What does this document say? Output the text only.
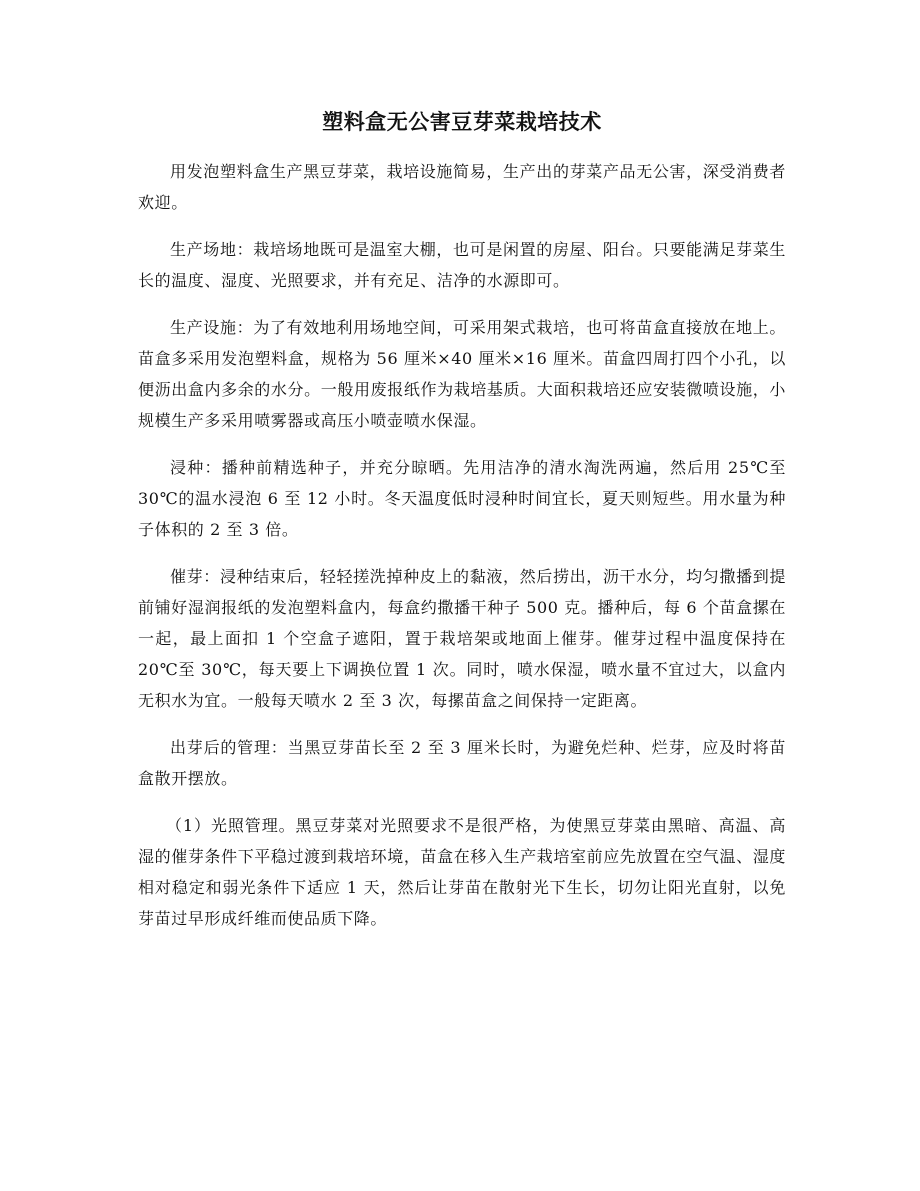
塑料盒无公害豆芽菜栽培技术

用发泡塑料盒生产黑豆芽菜，栽培设施简易，生产出的芽菜产品无公害，深受消费者欢迎。

生产场地：栽培场地既可是温室大棚，也可是闲置的房屋、阳台。只要能满足芽菜生长的温度、湿度、光照要求，并有充足、洁净的水源即可。

生产设施：为了有效地利用场地空间，可采用架式栽培，也可将苗盒直接放在地上。苗盒多采用发泡塑料盒，规格为 56 厘米×40 厘米×16 厘米。苗盒四周打四个小孔，以便沥出盒内多余的水分。一般用废报纸作为栽培基质。大面积栽培还应安装微喷设施，小规模生产多采用喷雾器或高压小喷壶喷水保湿。

浸种：播种前精选种子，并充分晾晒。先用洁净的清水淘洗两遍，然后用 25℃至 30℃的温水浸泡 6 至 12 小时。冬天温度低时浸种时间宜长，夏天则短些。用水量为种子体积的 2 至 3 倍。

催芽：浸种结束后，轻轻搓洗掉种皮上的黏液，然后捞出，沥干水分，均匀撒播到提前铺好湿润报纸的发泡塑料盒内，每盒约撒播干种子 500 克。播种后，每 6 个苗盒摞在一起，最上面扣 1 个空盒子遮阳，置于栽培架或地面上催芽。催芽过程中温度保持在 20℃至 30℃，每天要上下调换位置 1 次。同时，喷水保湿，喷水量不宜过大，以盒内无积水为宜。一般每天喷水 2 至 3 次，每摞苗盒之间保持一定距离。

出芽后的管理：当黑豆芽苗长至 2 至 3 厘米长时，为避免烂种、烂芽，应及时将苗盒散开摆放。

（1）光照管理。黑豆芽菜对光照要求不是很严格，为使黑豆芽菜由黑暗、高温、高湿的催芽条件下平稳过渡到栽培环境，苗盒在移入生产栽培室前应先放置在空气温、湿度相对稳定和弱光条件下适应 1 天，然后让芽苗在散射光下生长，切勿让阳光直射，以免芽苗过早形成纤维而使品质下降。
